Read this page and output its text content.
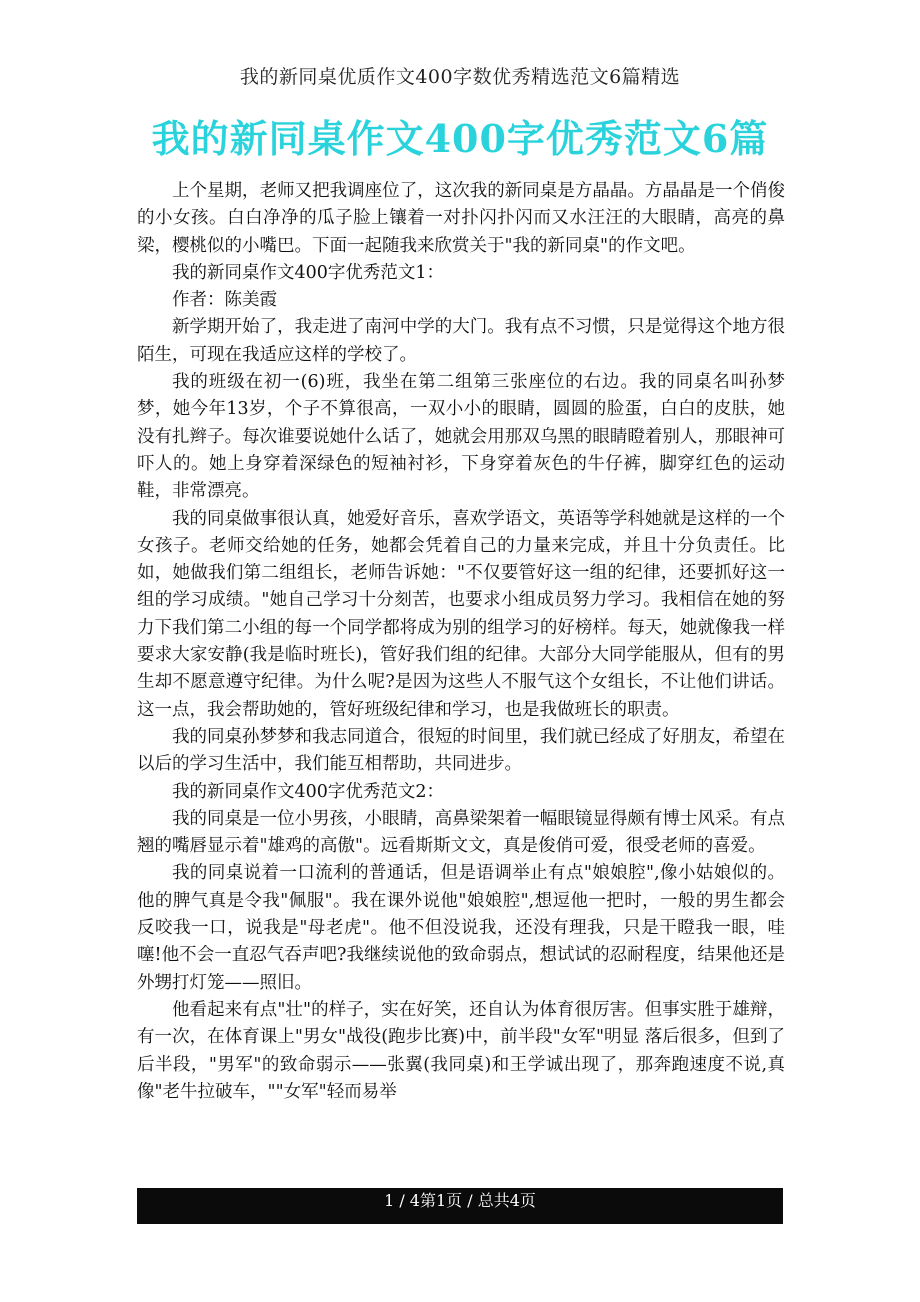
我的新同桌优质作文400字数优秀精选范文6篇精选
我的新同桌作文400字优秀范文6篇

上个星期，老师又把我调座位了，这次我的新同桌是方晶晶。方晶晶是一个俏俊的小女孩。白白净净的瓜子脸上镶着一对扑闪扑闪而又水汪汪的大眼睛，高亮的鼻梁，樱桃似的小嘴巴。下面一起随我来欣赏关于"我的新同桌"的作文吧。

我的新同桌作文400字优秀范文1：

作者：陈美霞

新学期开始了，我走进了南河中学的大门。我有点不习惯，只是觉得这个地方很陌生，可现在我适应这样的学校了。

我的班级在初一(6)班，我坐在第二组第三张座位的右边。我的同桌名叫孙梦梦，她今年13岁，个子不算很高，一双小小的眼睛，圆圆的脸蛋，白白的皮肤，她没有扎辫子。每次谁要说她什么话了，她就会用那双乌黑的眼睛瞪着别人，那眼神可吓人的。她上身穿着深绿色的短袖衬衫，下身穿着灰色的牛仔裤，脚穿红色的运动鞋，非常漂亮。

我的同桌做事很认真，她爱好音乐，喜欢学语文，英语等学科她就是这样的一个女孩子。老师交给她的任务，她都会凭着自己的力量来完成，并且十分负责任。比如，她做我们第二组组长，老师告诉她："不仅要管好这一组的纪律，还要抓好这一组的学习成绩。"她自己学习十分刻苦，也要求小组成员努力学习。我相信在她的努力下我们第二小组的每一个同学都将成为别的组学习的好榜样。每天，她就像我一样要求大家安静(我是临时班长)，管好我们组的纪律。大部分大同学能服从，但有的男生却不愿意遵守纪律。为什么呢?是因为这些人不服气这个女组长，不让他们讲话。这一点，我会帮助她的，管好班级纪律和学习，也是我做班长的职责。

我的同桌孙梦梦和我志同道合，很短的时间里，我们就已经成了好朋友，希望在以后的学习生活中，我们能互相帮助，共同进步。

我的新同桌作文400字优秀范文2：

我的同桌是一位小男孩，小眼睛，高鼻梁架着一幅眼镜显得颇有博士风采。有点翘的嘴唇显示着"雄鸡的高傲"。远看斯斯文文，真是俊俏可爱，很受老师的喜爱。

我的同桌说着一口流利的普通话，但是语调举止有点"娘娘腔",像小姑娘似的。 他的脾气真是令我"佩服"。我在课外说他"娘娘腔",想逗他一把时，一般的男生都会反咬我一口，说我是"母老虎"。他不但没说我，还没有理我，只是干瞪我一眼，哇噻!他不会一直忍气吞声吧?我继续说他的致命弱点，想试试的忍耐程度，结果他还是外甥打灯笼——照旧。

他看起来有点"壮"的样子，实在好笑，还自认为体育很厉害。但事实胜于雄辩，有一次，在体育课上"男女"战役(跑步比赛)中，前半段"女军"明显 落后很多，但到了后半段，"男军"的致命弱示——张翼(我同桌)和王学诚出现了，那奔跑速度不说,真像"老牛拉破车，""女军"轻而易举

1 / 4第1页 / 总共4页
